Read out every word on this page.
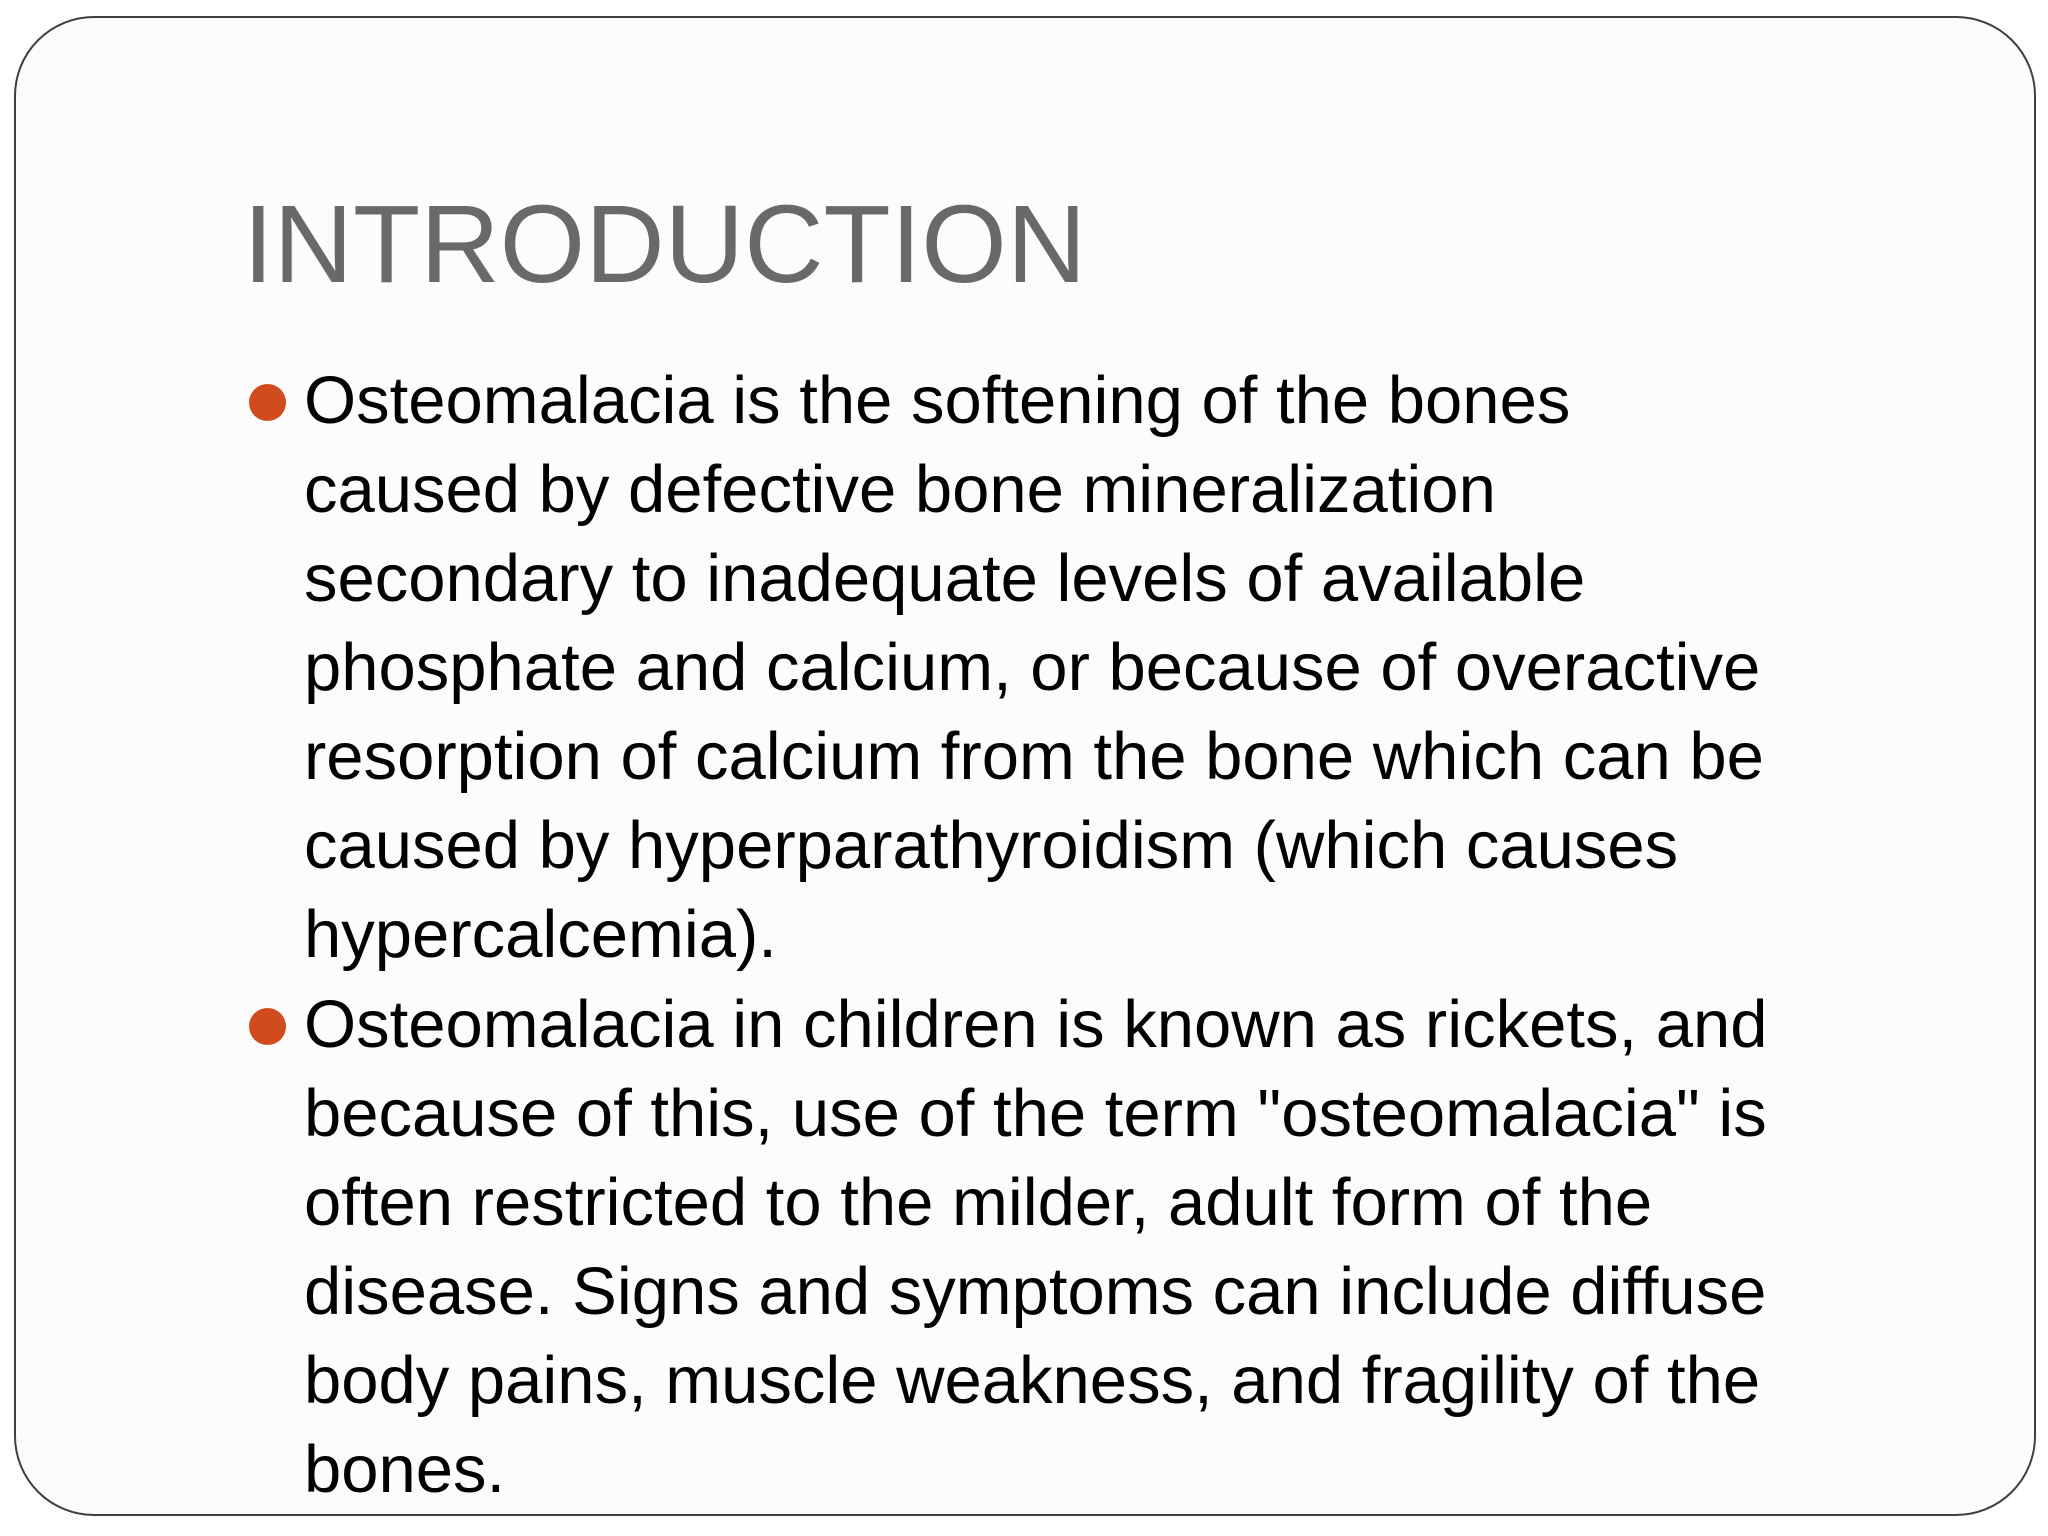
INTRODUCTION
Osteomalacia is the softening of the bones
caused by defective bone mineralization
secondary to inadequate levels of available
phosphate and calcium, or because of overactive
resorption of calcium from the bone which can be
caused by hyperparathyroidism (which causes
hypercalcemia).
Osteomalacia in children is known as rickets, and
because of this, use of the term "osteomalacia" is
often restricted to the milder, adult form of the
disease. Signs and symptoms can include diffuse
body pains, muscle weakness, and fragility of the
bones.
